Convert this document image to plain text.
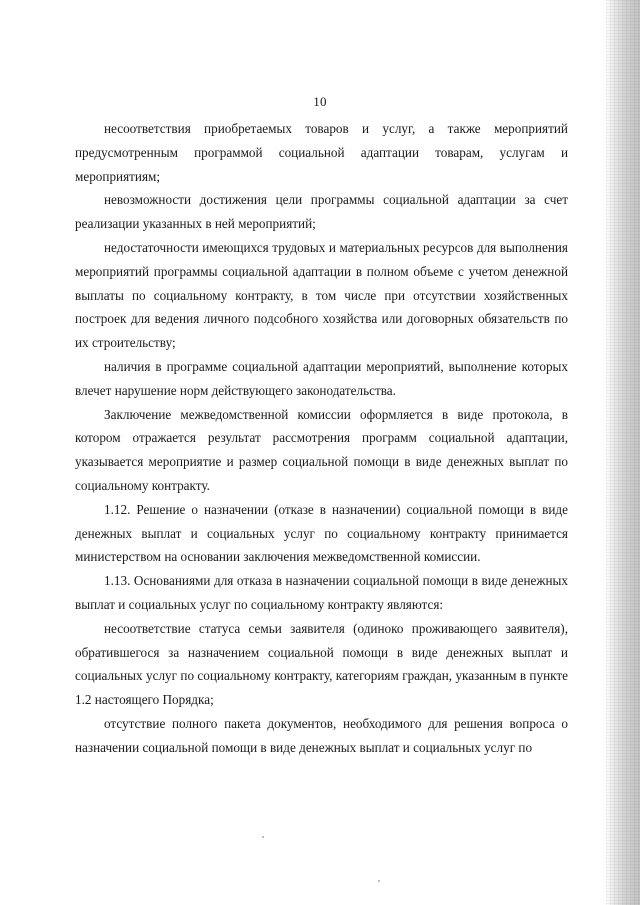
10

несоответствия приобретаемых товаров и услуг, а также мероприятий предусмотренным программой социальной адаптации товарам, услугам и мероприятиям;

невозможности достижения цели программы социальной адаптации за счет реализации указанных в ней мероприятий;

недостаточности имеющихся трудовых и материальных ресурсов для выполнения мероприятий программы социальной адаптации в полном объеме с учетом денежной выплаты по социальному контракту, в том числе при отсутствии хозяйственных построек для ведения личного подсобного хозяйства или договорных обязательств по их строительству;

наличия в программе социальной адаптации мероприятий, выполнение которых влечет нарушение норм действующего законодательства.

Заключение межведомственной комиссии оформляется в виде протокола, в котором отражается результат рассмотрения программ социальной адаптации, указывается мероприятие и размер социальной помощи в виде денежных выплат по социальному контракту.

1.12. Решение о назначении (отказе в назначении) социальной помощи в виде денежных выплат и социальных услуг по социальному контракту принимается министерством на основании заключения межведомственной комиссии.

1.13. Основаниями для отказа в назначении социальной помощи в виде денежных выплат и социальных услуг по социальному контракту являются:

несоответствие статуса семьи заявителя (одиноко проживающего заявителя), обратившегося за назначением социальной помощи в виде денежных выплат и социальных услуг по социальному контракту, категориям граждан, указанным в пункте 1.2 настоящего Порядка;

отсутствие полного пакета документов, необходимого для решения вопроса о назначении социальной помощи в виде денежных выплат и социальных услуг по
